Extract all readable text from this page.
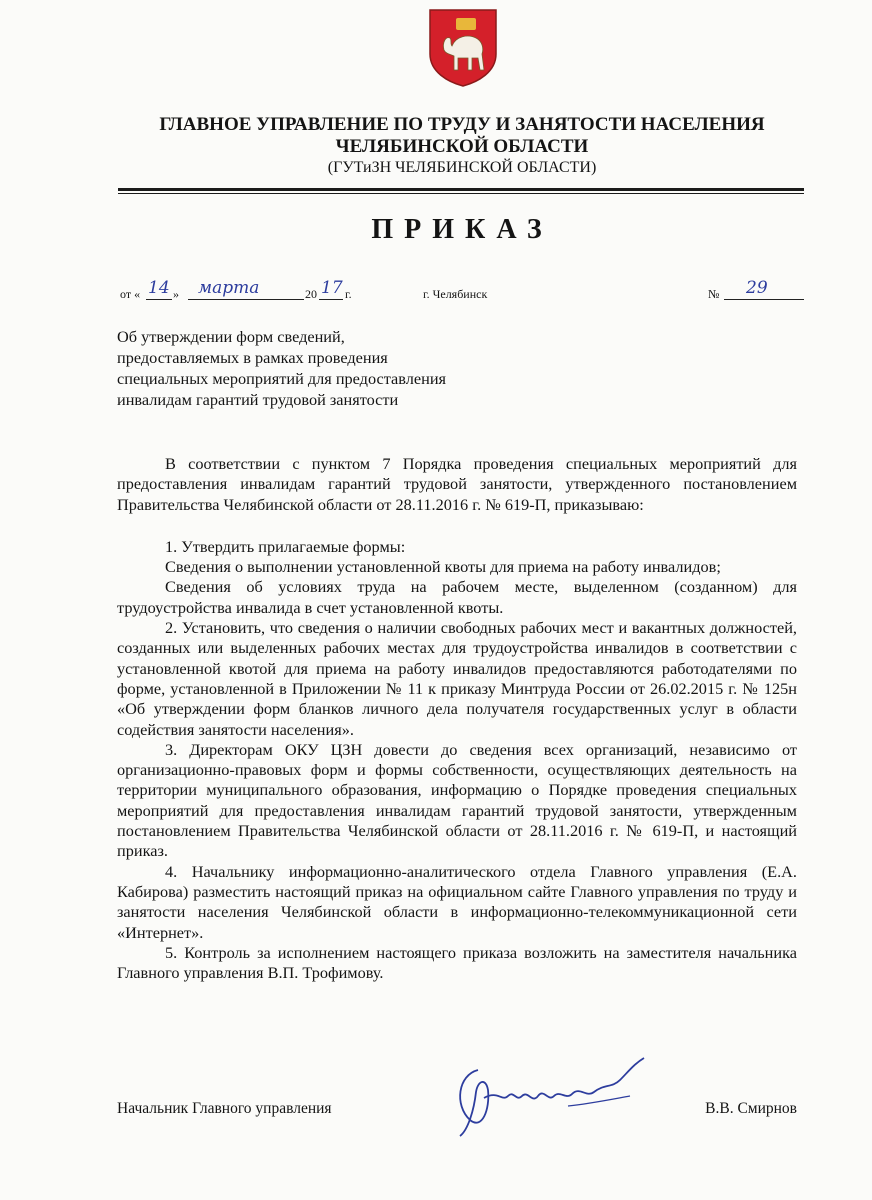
ГЛАВНОЕ УПРАВЛЕНИЕ ПО ТРУДУ И ЗАНЯТОСТИ НАСЕЛЕНИЯ
ЧЕЛЯБИНСКОЙ ОБЛАСТИ
(ГУТиЗН ЧЕЛЯБИНСКОЙ ОБЛАСТИ)
ПРИКАЗ
от « 14 » марта	20 17 г.	г. Челябинск	№ 29
Об утверждении форм сведений,
предоставляемых в рамках проведения
специальных мероприятий для предоставления
инвалидам гарантий трудовой занятости

В соответствии с пунктом 7 Порядка проведения специальных мероприятий для предоставления инвалидам гарантий трудовой занятости, утвержденного постановлением Правительства Челябинской области от 28.11.2016 г. № 619-П, приказываю:

1. Утвердить прилагаемые формы:

Сведения о выполнении установленной квоты для приема на работу инвалидов;

Сведения об условиях труда на рабочем месте, выделенном (созданном) для трудоустройства инвалида в счет установленной квоты.

2. Установить, что сведения о наличии свободных рабочих мест и вакантных должностей, созданных или выделенных рабочих местах для трудоустройства инвалидов в соответствии с установленной квотой для приема на работу инвалидов предоставляются работодателями по форме, установленной в Приложении № 11 к приказу Минтруда России от 26.02.2015 г. № 125н «Об утверждении форм бланков личного дела получателя государственных услуг в области содействия занятости населения».

3. Директорам ОКУ ЦЗН довести до сведения всех организаций, независимо от организационно-правовых форм и формы собственности, осуществляющих деятельность на территории муниципального образования, информацию о Порядке проведения специальных мероприятий для предоставления инвалидам гарантий трудовой занятости, утвержденным постановлением Правительства Челябинской области от 28.11.2016 г. № 619-П, и настоящий приказ.

4. Начальнику информационно-аналитического отдела Главного управления (Е.А. Кабирова) разместить настоящий приказ на официальном сайте Главного управления по труду и занятости населения Челябинской области в информационно-телекоммуникационной сети «Интернет».

5. Контроль за исполнением настоящего приказа возложить на заместителя начальника Главного управления В.П. Трофимову.

Начальник Главного управления	В.В. Смирнов
